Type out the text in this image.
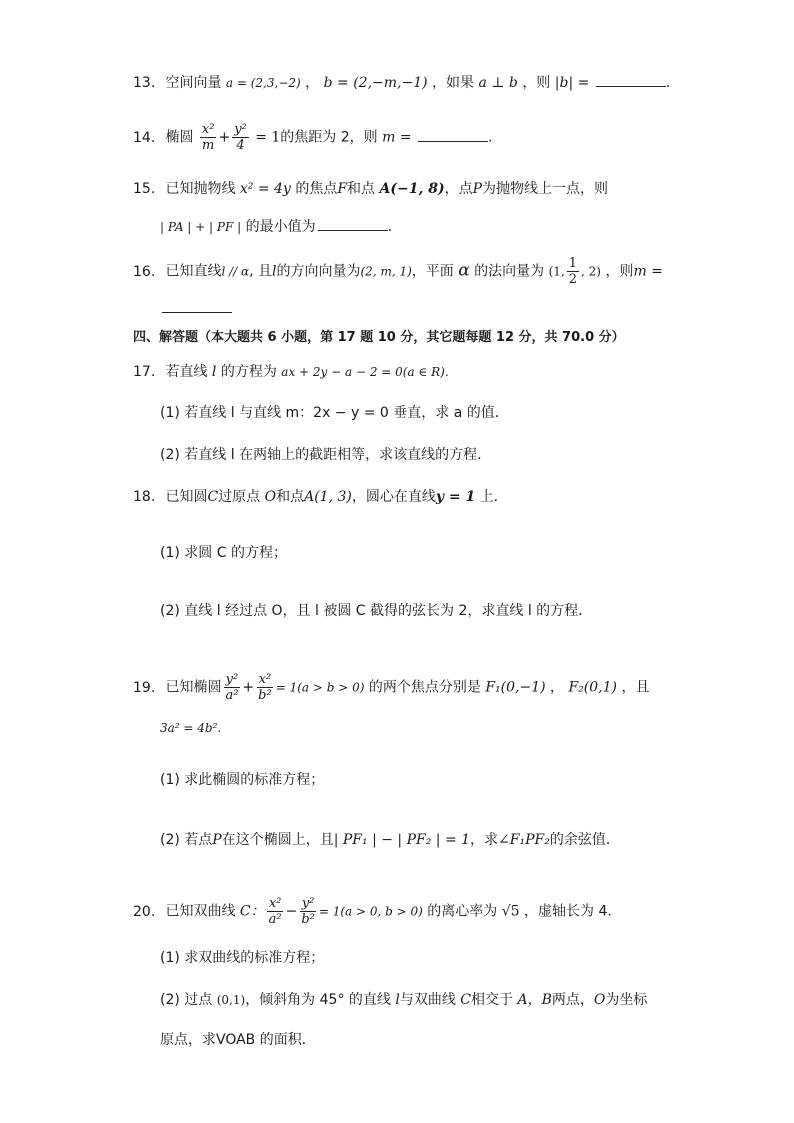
13. 空间向量 a = (2,3,−2) ， b = (2,−m,−1) ，如果 a ⊥ b ，则 |b| =	.
14. 椭圆 $\frac{\text{x²}}{m} + \frac{\text{y²}}{4} = 1$的焦距为 2，则 m =	.
15. 已知抛物线 x² = 4y 的焦点F和点 A(−1, 8)，点P为抛物线上一点，则
| PA | + | PF | 的最小值为	.
16. 已知直线l // α, 且l的方向向量为(2, m, 1)，平面 α 的法向量为 (1, $\frac{1}{2}$ , 2) ，则m =
四、解答题（本大题共 6 小题，第 17 题 10 分，其它题每题 12 分，共 70.0 分）
17. 若直线 l 的方程为 ax + 2y − a − 2 = 0(a ∈ R).
(1) 若直线 l 与直线 m：2x − y = 0 垂直，求 a 的值．
(2) 若直线 l 在两轴上的截距相等，求该直线的方程．
18. 已知圆C过原点 O和点A(1, 3)，圆心在直线y = 1 上．
(1) 求圆 C 的方程；
(2) 直线 l 经过点 O，且 l 被圆 C 截得的弦长为 2，求直线 l 的方程．
19. 已知椭圆 $\frac{\text{y²}}{\text{a²}} + \frac{\text{x²}}{\text{b²}} = 1(a > b > 0)$ 的两个焦点分别是 F₁(0,−1) ， F₂(0,1) ，且
3a² = 4b².
(1) 求此椭圆的标准方程；
(2) 若点P在这个椭圆上，且| PF₁ | − | PF₂ | = 1，求∠F₁PF₂的余弦值．
20. 已知双曲线 C： $\frac{\text{x²}}{\text{a²}} - \frac{\text{y²}}{\text{b²}} = 1(a > 0$, b > 0) 的离心率为 √5 ，虚轴长为 4.
(1) 求双曲线的标准方程；
(2) 过点 (0,1)，倾斜角为 45° 的直线 l与双曲线 C相交于 A，B两点，O为坐标
原点，求VOAB 的面积．
